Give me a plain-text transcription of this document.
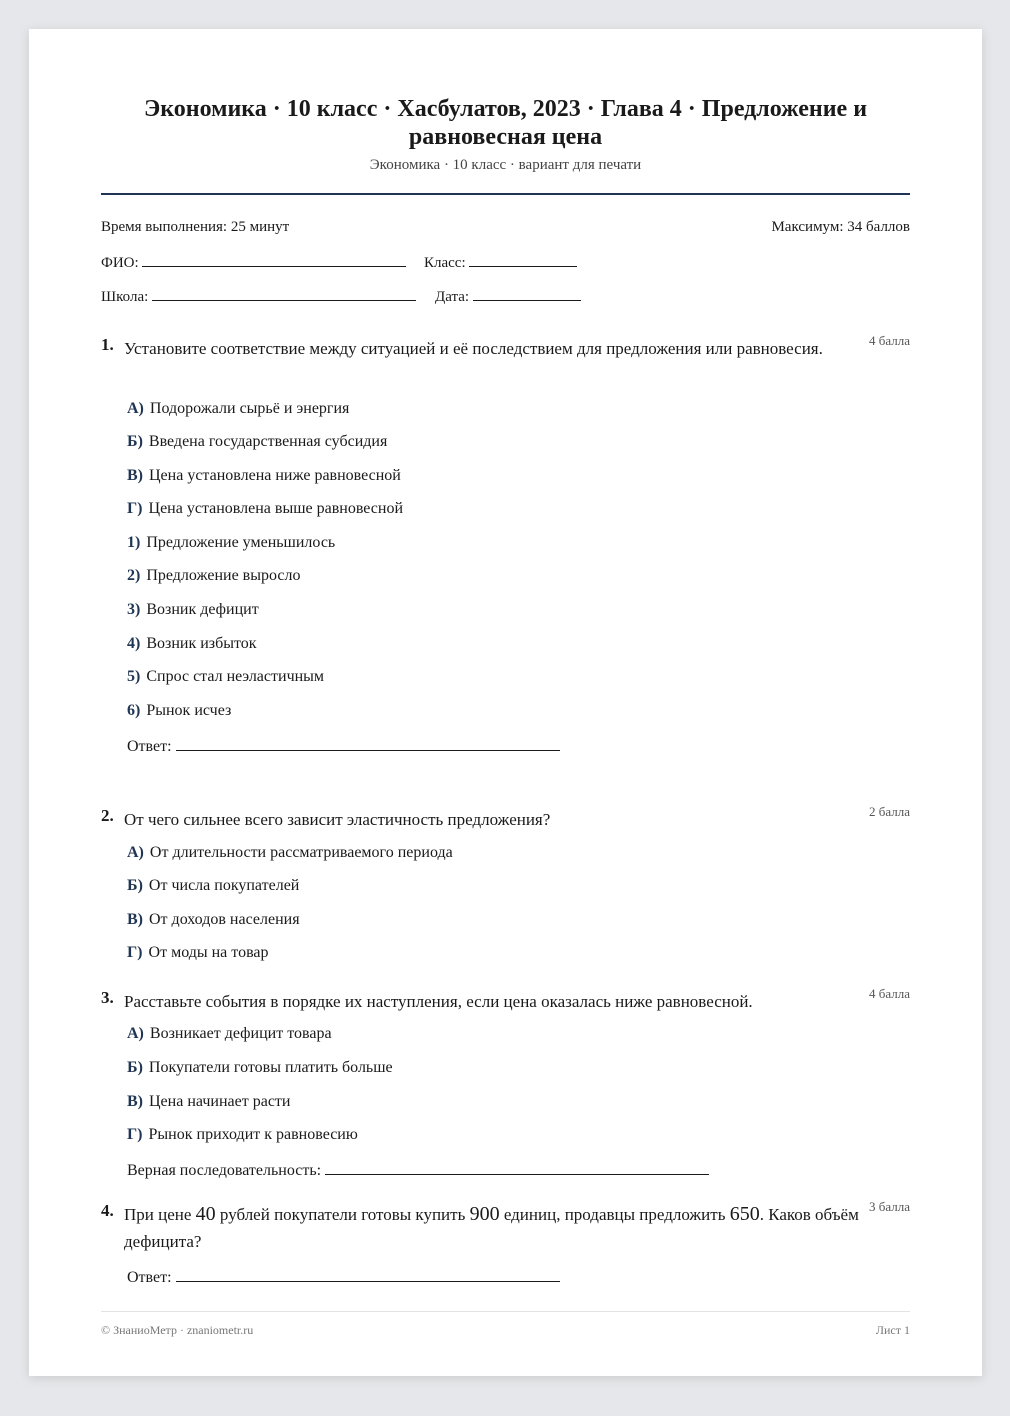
Экономика · 10 класс · Хасбулатов, 2023 · Глава 4 · Предложение и равновесная цена
Экономика · 10 класс · вариант для печати
Время выполнения: 25 минут	Максимум: 34 баллов
ФИО:	Класс:
Школа:	Дата:
1. Установите соответствие между ситуацией и её последствием для предложения или равновесия.	4 балла
А) Подорожали сырьё и энергия
Б) Введена государственная субсидия
В) Цена установлена ниже равновесной
Г) Цена установлена выше равновесной
1) Предложение уменьшилось
2) Предложение выросло
3) Возник дефицит
4) Возник избыток
5) Спрос стал неэластичным
6) Рынок исчез
Ответ:
2. От чего сильнее всего зависит эластичность предложения?	2 балла
А) От длительности рассматриваемого периода
Б) От числа покупателей
В) От доходов населения
Г) От моды на товар
3. Расставьте события в порядке их наступления, если цена оказалась ниже равновесной.	4 балла
А) Возникает дефицит товара
Б) Покупатели готовы платить больше
В) Цена начинает расти
Г) Рынок приходит к равновесию
Верная последовательность:
4. При цене 40 рублей покупатели готовы купить 900 единиц, продавцы предложить 650. Каков объём дефицита?
3 балла
Ответ:
© ЗнаниоМетр · znaniometr.ru	Лист 1
